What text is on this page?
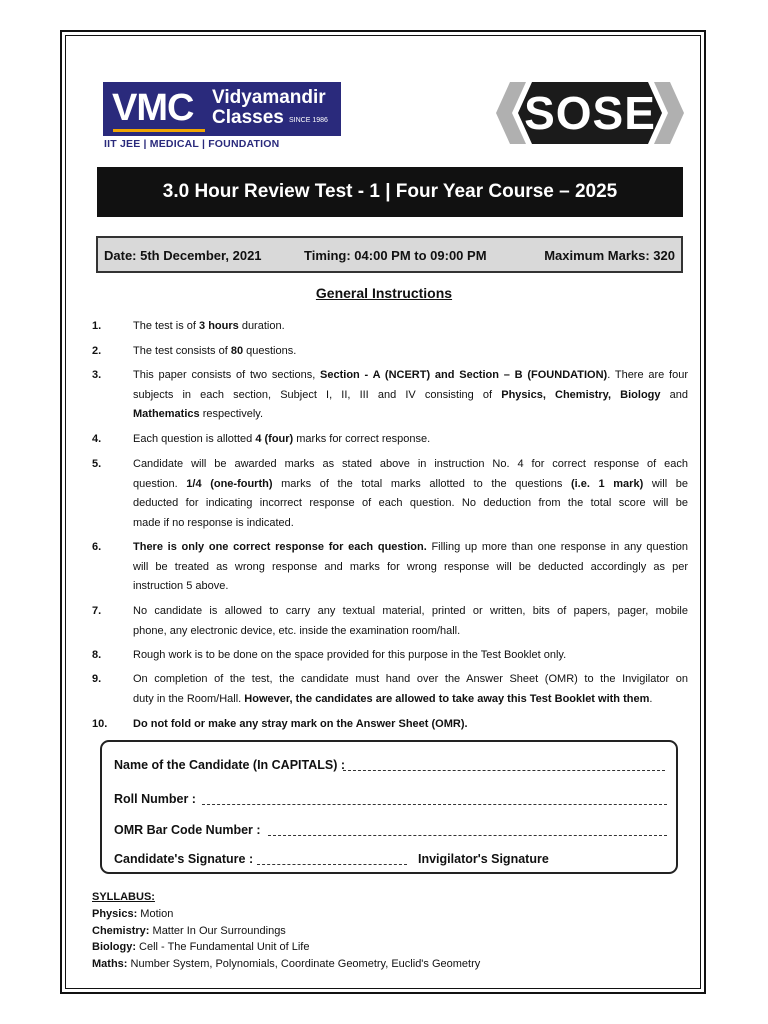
VMC Vidyamandir
Classes SINCE 1986
IIT JEE | MEDICAL | FOUNDATION
SOSE
3.0 Hour Review Test - 1 | Four Year Course – 2025
Date: 5th December, 2021	Timing: 04:00 PM to 09:00 PM	Maximum Marks: 320
General Instructions
1.	The test is of 3 hours duration.
2.	The test consists of 80 questions.
3.	This paper consists of two sections, Section - A (NCERT) and Section – B (FOUNDATION). There are four
subjects in each section, Subject I, II, III and IV consisting of Physics, Chemistry, Biology and
Mathematics respectively.
4.	Each question is allotted 4 (four) marks for correct response.
5.	Candidate will be awarded marks as stated above in instruction No. 4 for correct response of each
question. 1/4 (one-fourth) marks of the total marks allotted to the questions (i.e. 1 mark) will be
deducted for indicating incorrect response of each question. No deduction from the total score will be
made if no response is indicated.
6.	There is only one correct response for each question. Filling up more than one response in any question
will be treated as wrong response and marks for wrong response will be deducted accordingly as per
instruction 5 above.
7.	No candidate is allowed to carry any textual material, printed or written, bits of papers, pager, mobile
phone, any electronic device, etc. inside the examination room/hall.
8.	Rough work is to be done on the space provided for this purpose in the Test Booklet only.
9.	On completion of the test, the candidate must hand over the Answer Sheet (OMR) to the Invigilator on
duty in the Room/Hall. However, the candidates are allowed to take away this Test Booklet with them.
10. Do not fold or make any stray mark on the Answer Sheet (OMR).
Name of the Candidate (In CAPITALS) :
Roll Number :
OMR Bar Code Number :
Candidate's Signature :	Invigilator's Signature
SYLLABUS:
Physics: Motion
Chemistry: Matter In Our Surroundings
Biology: Cell - The Fundamental Unit of Life
Maths: Number System, Polynomials, Coordinate Geometry, Euclid's Geometry
